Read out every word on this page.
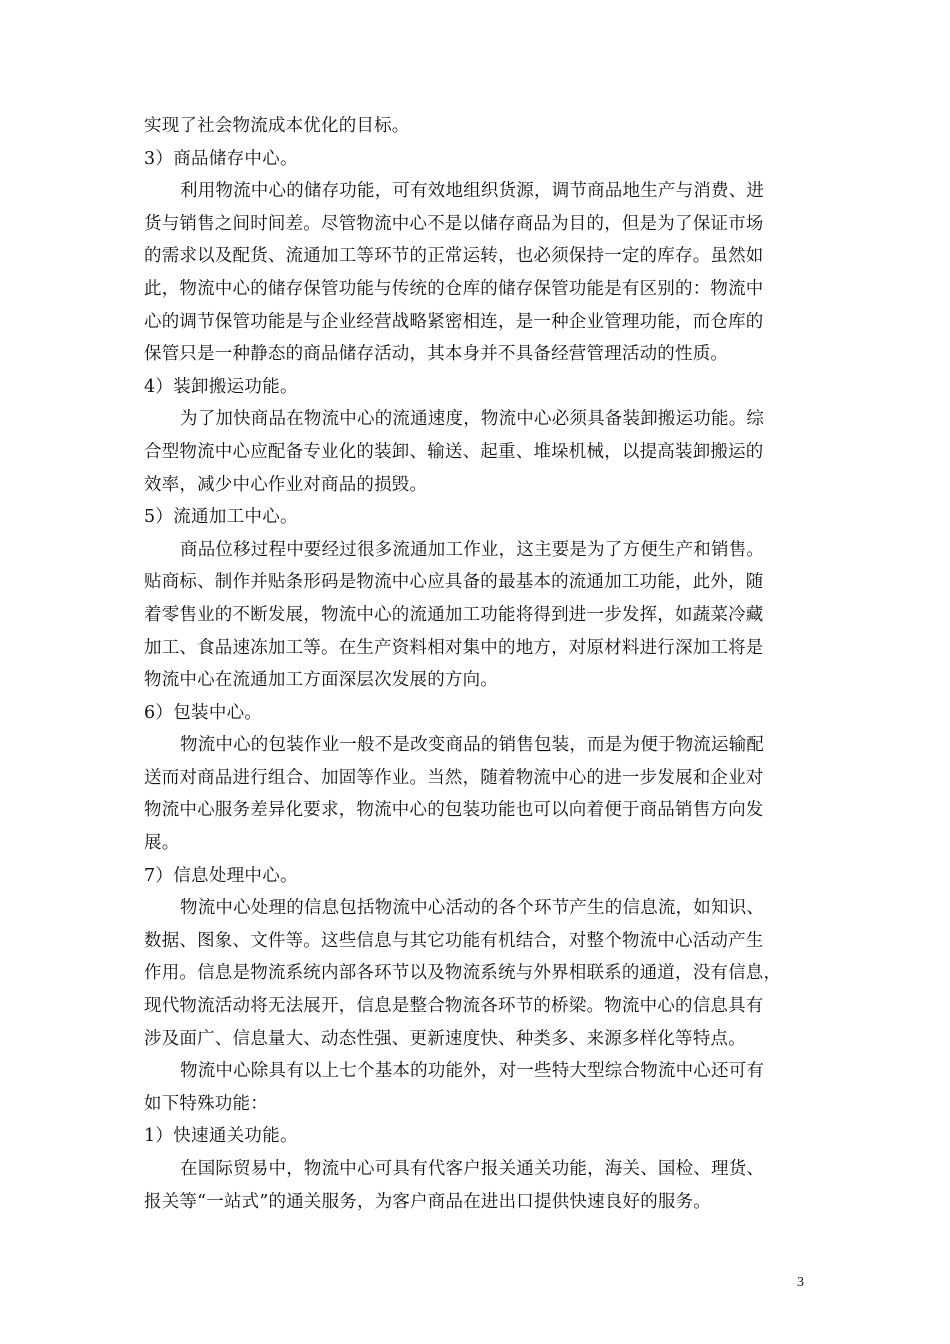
实现了社会物流成本优化的目标。
3）商品储存中心。
利用物流中心的储存功能，可有效地组织货源，调节商品地生产与消费、进
货与销售之间时间差。尽管物流中心不是以储存商品为目的，但是为了保证市场
的需求以及配货、流通加工等环节的正常运转，也必须保持一定的库存。虽然如
此，物流中心的储存保管功能与传统的仓库的储存保管功能是有区别的：物流中
心的调节保管功能是与企业经营战略紧密相连，是一种企业管理功能，而仓库的
保管只是一种静态的商品储存活动，其本身并不具备经营管理活动的性质。
4）装卸搬运功能。
为了加快商品在物流中心的流通速度，物流中心必须具备装卸搬运功能。综
合型物流中心应配备专业化的装卸、输送、起重、堆垛机械，以提高装卸搬运的
效率，减少中心作业对商品的损毁。
5）流通加工中心。
商品位移过程中要经过很多流通加工作业，这主要是为了方便生产和销售。
贴商标、制作并贴条形码是物流中心应具备的最基本的流通加工功能，此外，随
着零售业的不断发展，物流中心的流通加工功能将得到进一步发挥，如蔬菜冷藏
加工、食品速冻加工等。在生产资料相对集中的地方，对原材料进行深加工将是
物流中心在流通加工方面深层次发展的方向。
6）包装中心。
物流中心的包装作业一般不是改变商品的销售包装，而是为便于物流运输配
送而对商品进行组合、加固等作业。当然，随着物流中心的进一步发展和企业对
物流中心服务差异化要求，物流中心的包装功能也可以向着便于商品销售方向发
展。
7）信息处理中心。
物流中心处理的信息包括物流中心活动的各个环节产生的信息流，如知识、
数据、图象、文件等。这些信息与其它功能有机结合，对整个物流中心活动产生
作用。信息是物流系统内部各环节以及物流系统与外界相联系的通道，没有信息，
现代物流活动将无法展开，信息是整合物流各环节的桥梁。物流中心的信息具有
涉及面广、信息量大、动态性强、更新速度快、种类多、来源多样化等特点。
物流中心除具有以上七个基本的功能外，对一些特大型综合物流中心还可有
如下特殊功能：
1）快速通关功能。
在国际贸易中，物流中心可具有代客户报关通关功能，海关、国检、理货、
报关等“一站式”的通关服务，为客户商品在进出口提供快速良好的服务。
3
